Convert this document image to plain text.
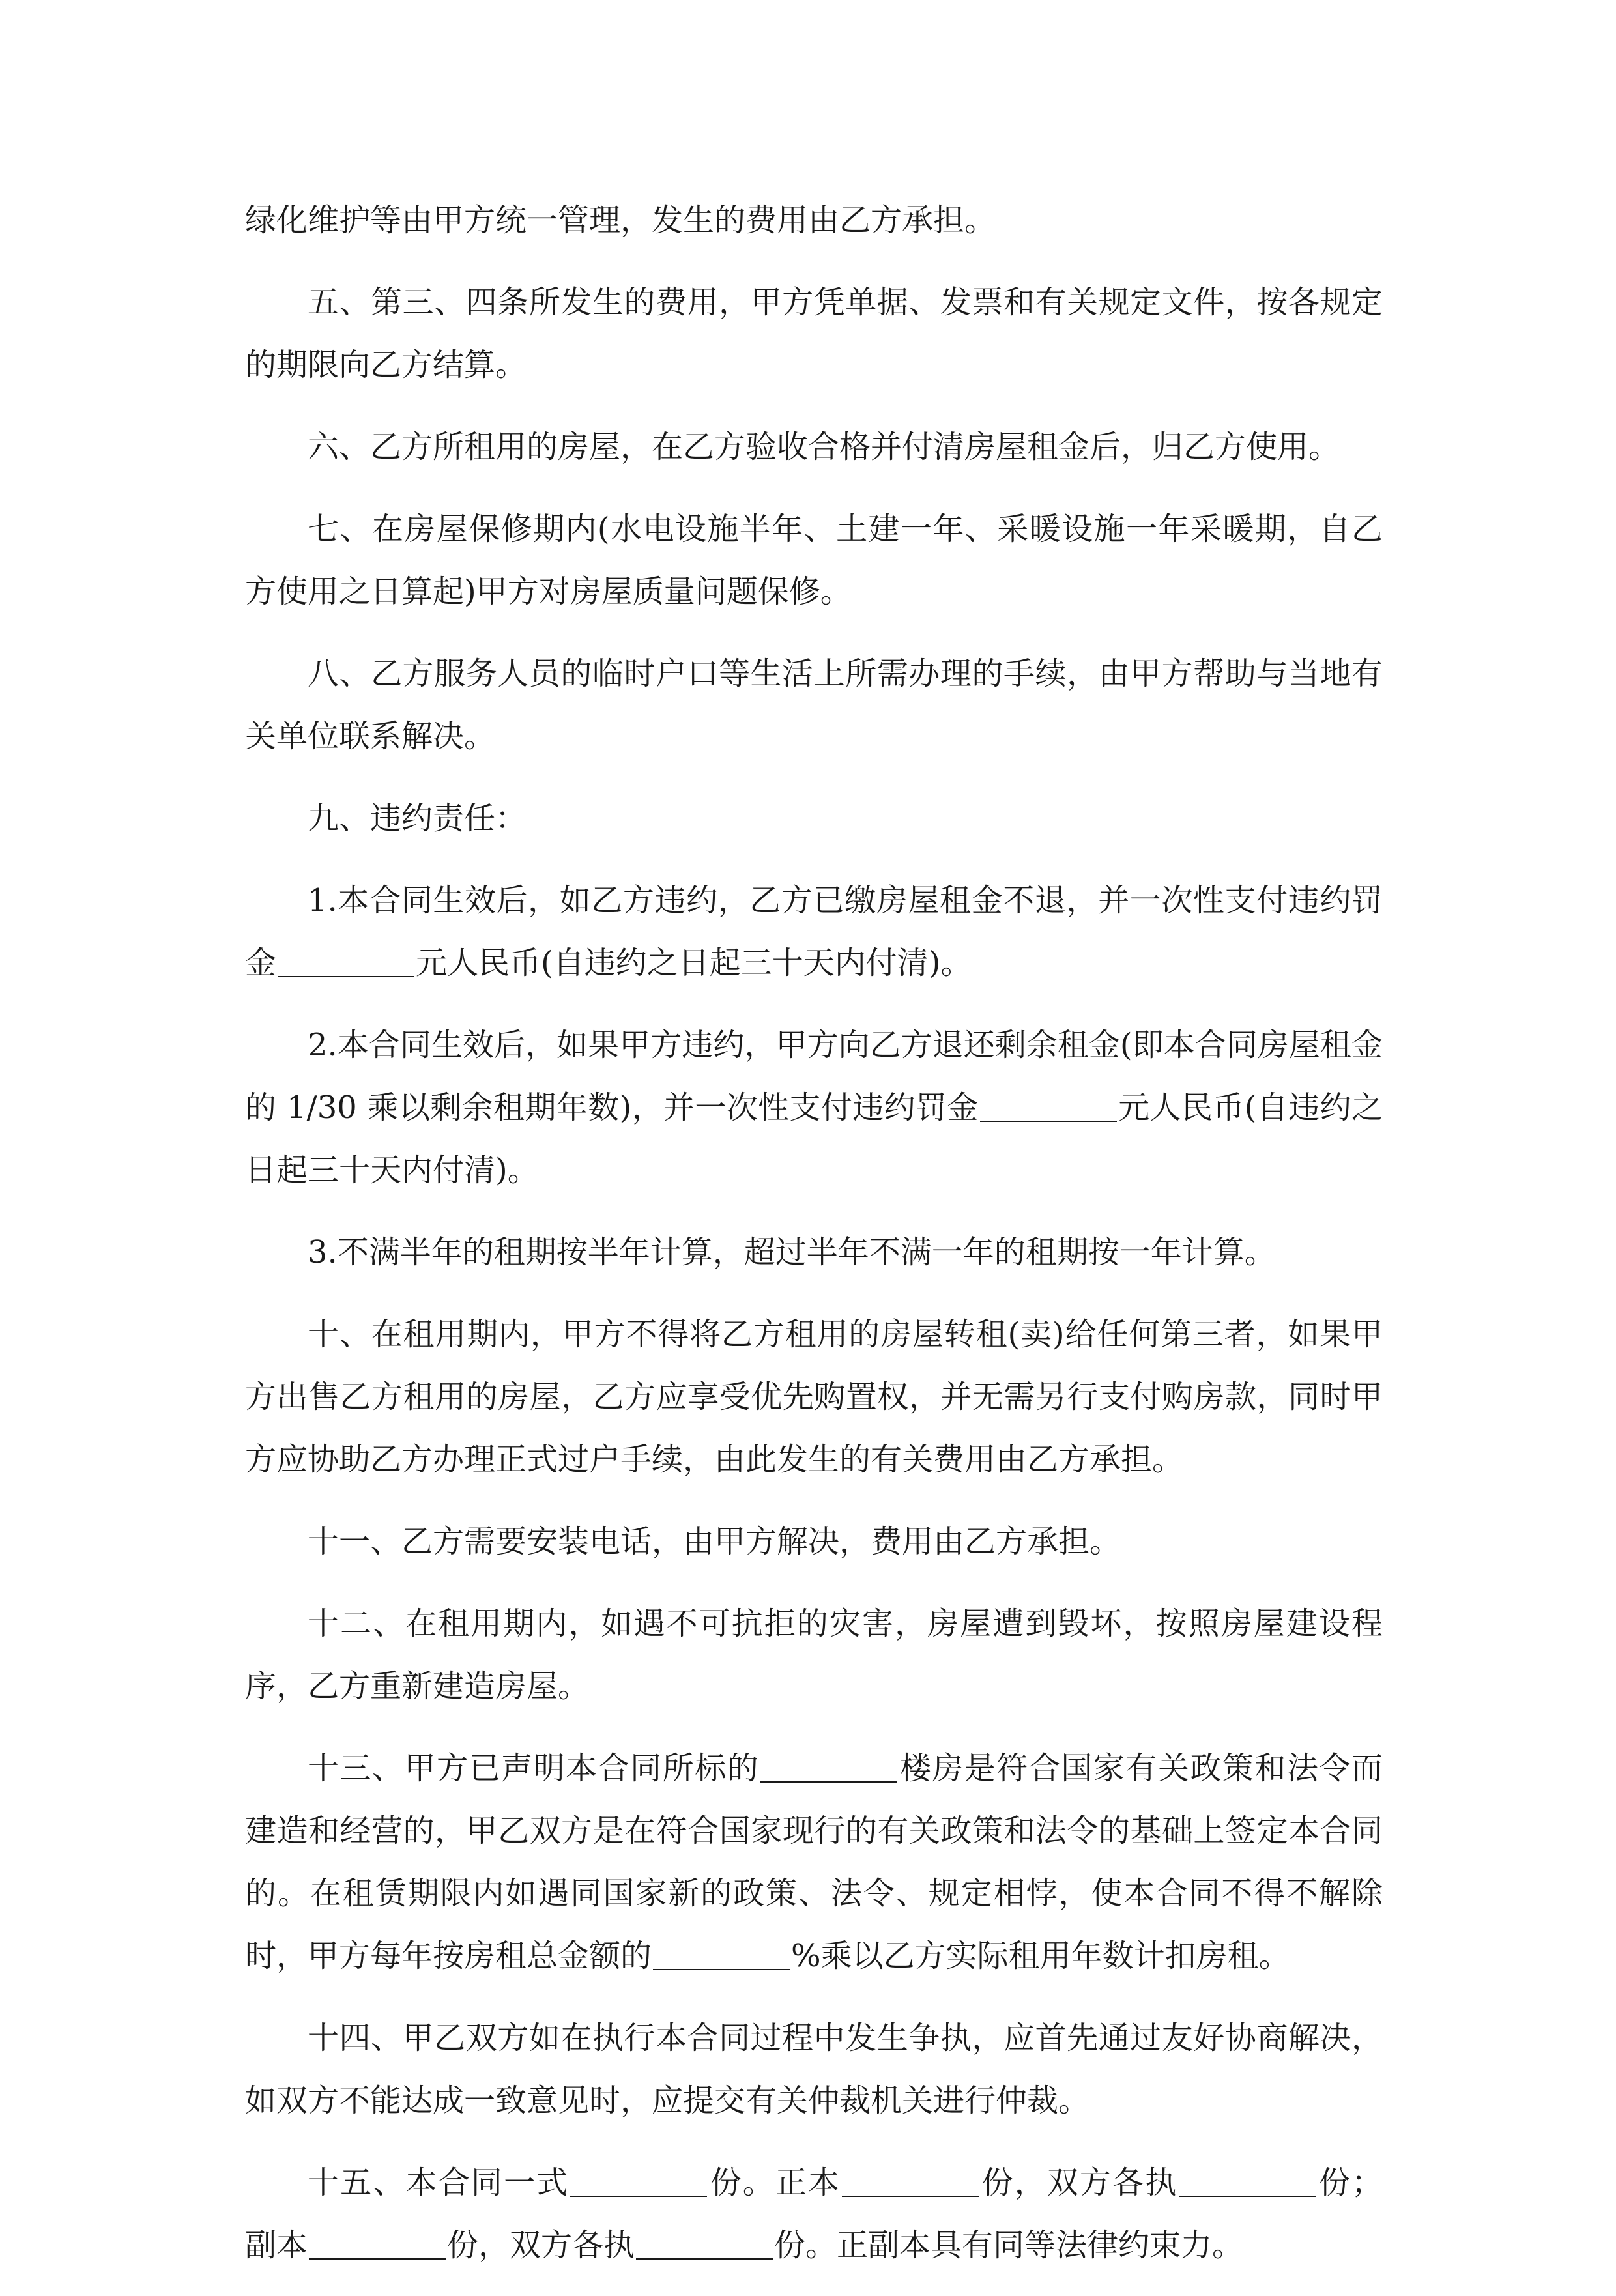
绿化维护等由甲方统一管理，发生的费用由乙方承担。

五、第三、四条所发生的费用，甲方凭单据、发票和有关规定文件，按各规定的期限向乙方结算。

六、乙方所租用的房屋，在乙方验收合格并付清房屋租金后，归乙方使用。

七、在房屋保修期内(水电设施半年、土建一年、采暖设施一年采暖期，自乙方使用之日算起)甲方对房屋质量问题保修。

八、乙方服务人员的临时户口等生活上所需办理的手续，由甲方帮助与当地有关单位联系解决。

九、违约责任：

1.本合同生效后，如乙方违约，乙方已缴房屋租金不退，并一次性支付违约罚金	元人民币(自违约之日起三十天内付清)。

2.本合同生效后，如果甲方违约，甲方向乙方退还剩余租金(即本合同房屋租金的 1/30 乘以剩余租期年数)，并一次性支付违约罚金	元人民币(自违约之日起三十天内付清)。

3.不满半年的租期按半年计算，超过半年不满一年的租期按一年计算。

十、在租用期内，甲方不得将乙方租用的房屋转租(卖)给任何第三者，如果甲方出售乙方租用的房屋，乙方应享受优先购置权，并无需另行支付购房款，同时甲方应协助乙方办理正式过户手续，由此发生的有关费用由乙方承担。

十一、乙方需要安装电话，由甲方解决，费用由乙方承担。

十二、在租用期内，如遇不可抗拒的灾害，房屋遭到毁坏，按照房屋建设程序，乙方重新建造房屋。

十三、甲方已声明本合同所标的	楼房是符合国家有关政策和法令而建造和经营的，甲乙双方是在符合国家现行的有关政策和法令的基础上签定本合同的。在租赁期限内如遇同国家新的政策、法令、规定相悖，使本合同不得不解除时，甲方每年按房租总金额的	%乘以乙方实际租用年数计扣房租。

十四、甲乙双方如在执行本合同过程中发生争执，应首先通过友好协商解决，如双方不能达成一致意见时，应提交有关仲裁机关进行仲裁。

十五、本合同一式	份。正本	份，双方各执	份；副本	份，双方各执	份。正副本具有同等法律约束力。
